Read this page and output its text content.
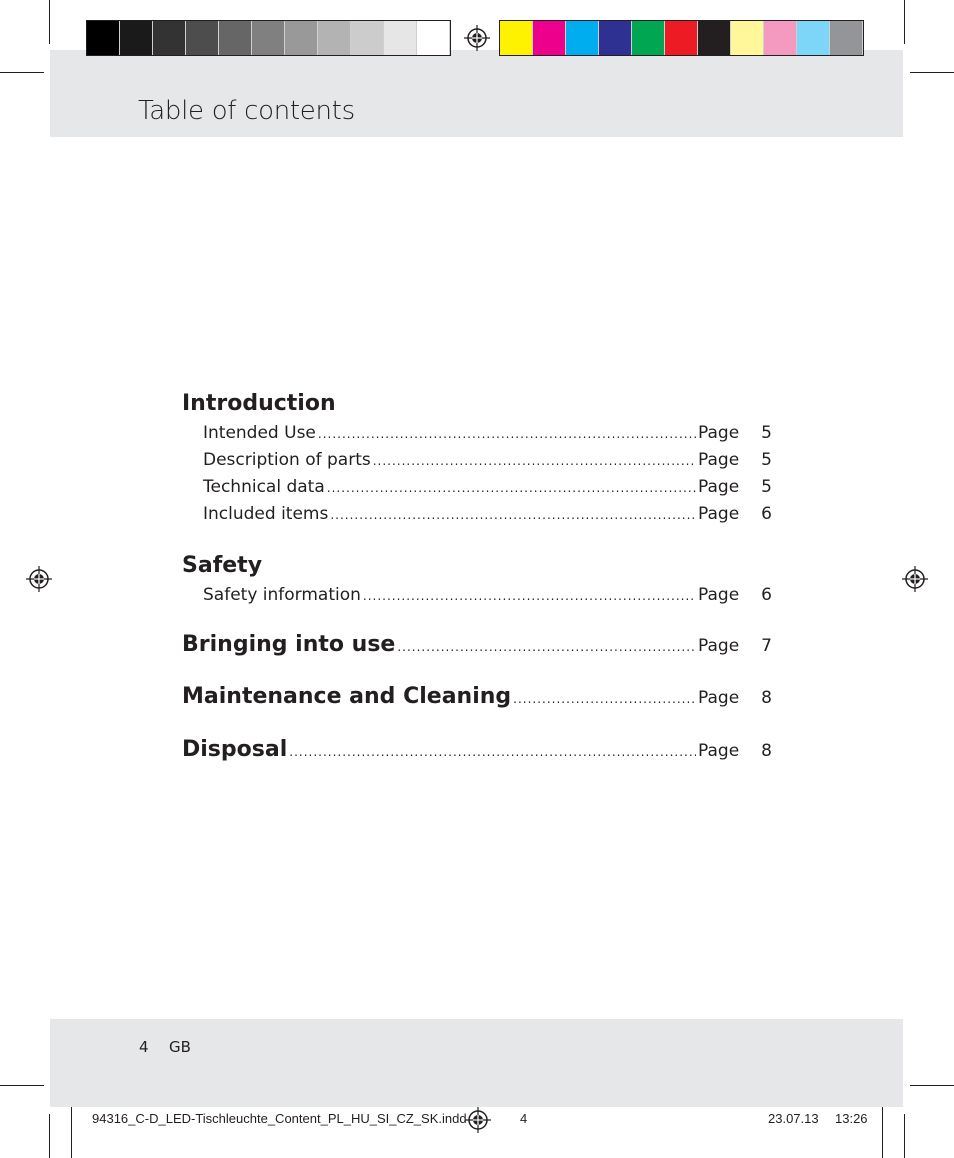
Table of contents
Introduction
Intended Use .....	Page	5
Description of parts .....	Page	5
Technical data .....	Page	5
Included items .....	Page	6
Safety
Safety information .....	Page	6
Bringing into use .....	Page	7
Maintenance and Cleaning .....	Page	8
Disposal .....	Page	8
4 GB
94316_C-D_LED-Tischleuchte_Content_PL_HU_SI_CZ_SK.indd	4	23.07.13 13:26
